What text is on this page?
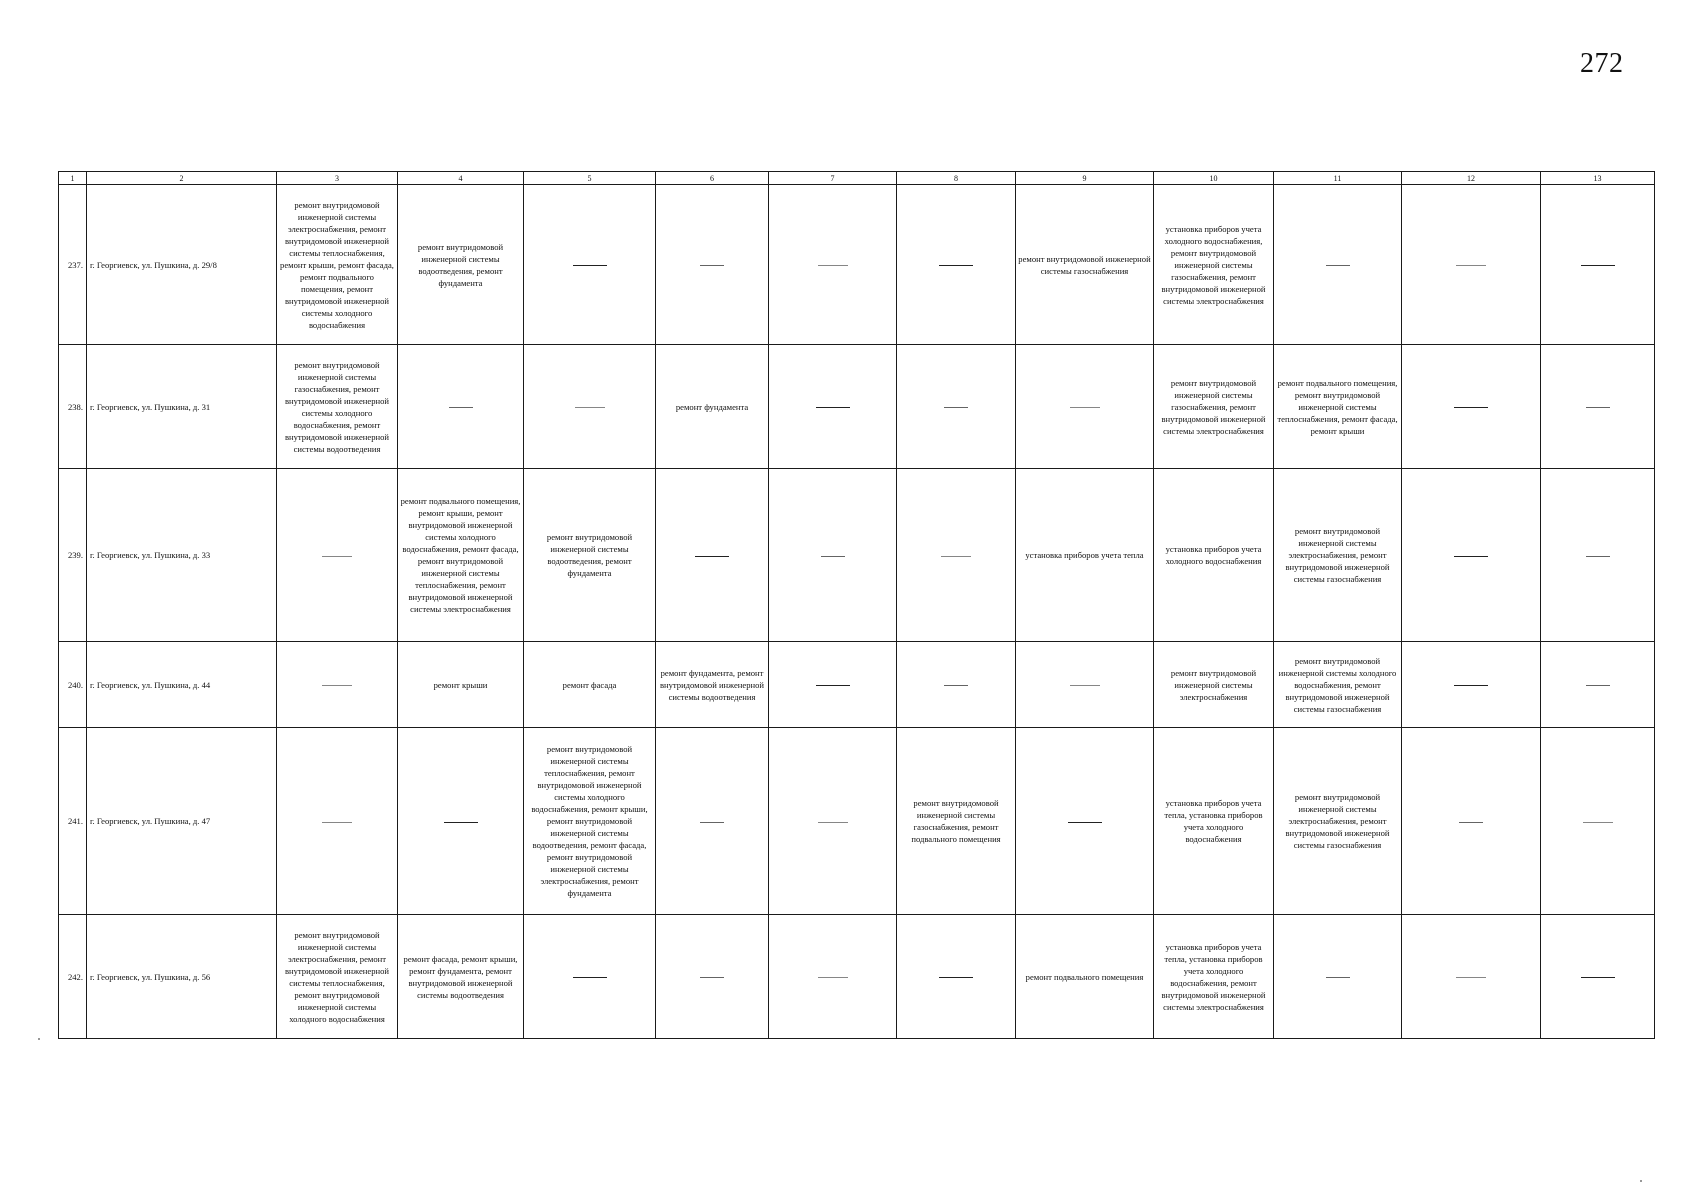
272
1	2	3	4	5	6	7	8	9	10	11	12	13
237.	г. Георгиевск, ул. Пушкина, д. 29/8	ремонт внутридомовой инженерной системы электроснабжения, ремонт внутридомовой инженерной системы теплоснабжения, ремонт крыши, ремонт фасада, ремонт подвального помещения, ремонт внутридомовой инженерной системы холодного водоснабжения	ремонт внутридомовой инженерной системы водоотведения, ремонт фундамента					ремонт внутридомовой инженерной системы газоснабжения	установка приборов учета холодного водоснабжения, ремонт внутридомовой инженерной системы газоснабжения, ремонт внутридомовой инженерной системы электроснабжения			
238.	г. Георгиевск, ул. Пушкина, д. 31	ремонт внутридомовой инженерной системы газоснабжения, ремонт внутридомовой инженерной системы холодного водоснабжения, ремонт внутридомовой инженерной системы водоотведения			ремонт фундамента				ремонт внутридомовой инженерной системы газоснабжения, ремонт внутридомовой инженерной системы электроснабжения	ремонт подвального помещения, ремонт внутридомовой инженерной системы теплоснабжения, ремонт фасада, ремонт крыши		
239.	г. Георгиевск, ул. Пушкина, д. 33		ремонт подвального помещения, ремонт крыши, ремонт внутридомовой инженерной системы холодного водоснабжения, ремонт фасада, ремонт внутридомовой инженерной системы теплоснабжения, ремонт внутридомовой инженерной системы электроснабжения	ремонт внутридомовой инженерной системы водоотведения, ремонт фундамента				установка приборов учета тепла	установка приборов учета холодного водоснабжения	ремонт внутридомовой инженерной системы электроснабжения, ремонт внутридомовой инженерной системы газоснабжения		
240.	г. Георгиевск, ул. Пушкина, д. 44		ремонт крыши	ремонт фасада	ремонт фундамента, ремонт внутридомовой инженерной системы водоотведения				ремонт внутридомовой инженерной системы электроснабжения	ремонт внутридомовой инженерной системы холодного водоснабжения, ремонт внутридомовой инженерной системы газоснабжения		
241.	г. Георгиевск, ул. Пушкина, д. 47			ремонт внутридомовой инженерной системы теплоснабжения, ремонт внутридомовой инженерной системы холодного водоснабжения, ремонт крыши, ремонт внутридомовой инженерной системы водоотведения, ремонт фасада, ремонт внутридомовой инженерной системы электроснабжения, ремонт фундамента			ремонт внутридомовой инженерной системы газоснабжения, ремонт подвального помещения		установка приборов учета тепла, установка приборов учета холодного водоснабжения	ремонт внутридомовой инженерной системы электроснабжения, ремонт внутридомовой инженерной системы газоснабжения		
242.	г. Георгиевск, ул. Пушкина, д. 56	ремонт внутридомовой инженерной системы электроснабжения, ремонт внутридомовой инженерной системы теплоснабжения, ремонт внутридомовой инженерной системы холодного водоснабжения	ремонт фасада, ремонт крыши, ремонт фундамента, ремонт внутридомовой инженерной системы водоотведения					ремонт подвального помещения	установка приборов учета тепла, установка приборов учета холодного водоснабжения, ремонт внутридомовой инженерной системы электроснабжения			
